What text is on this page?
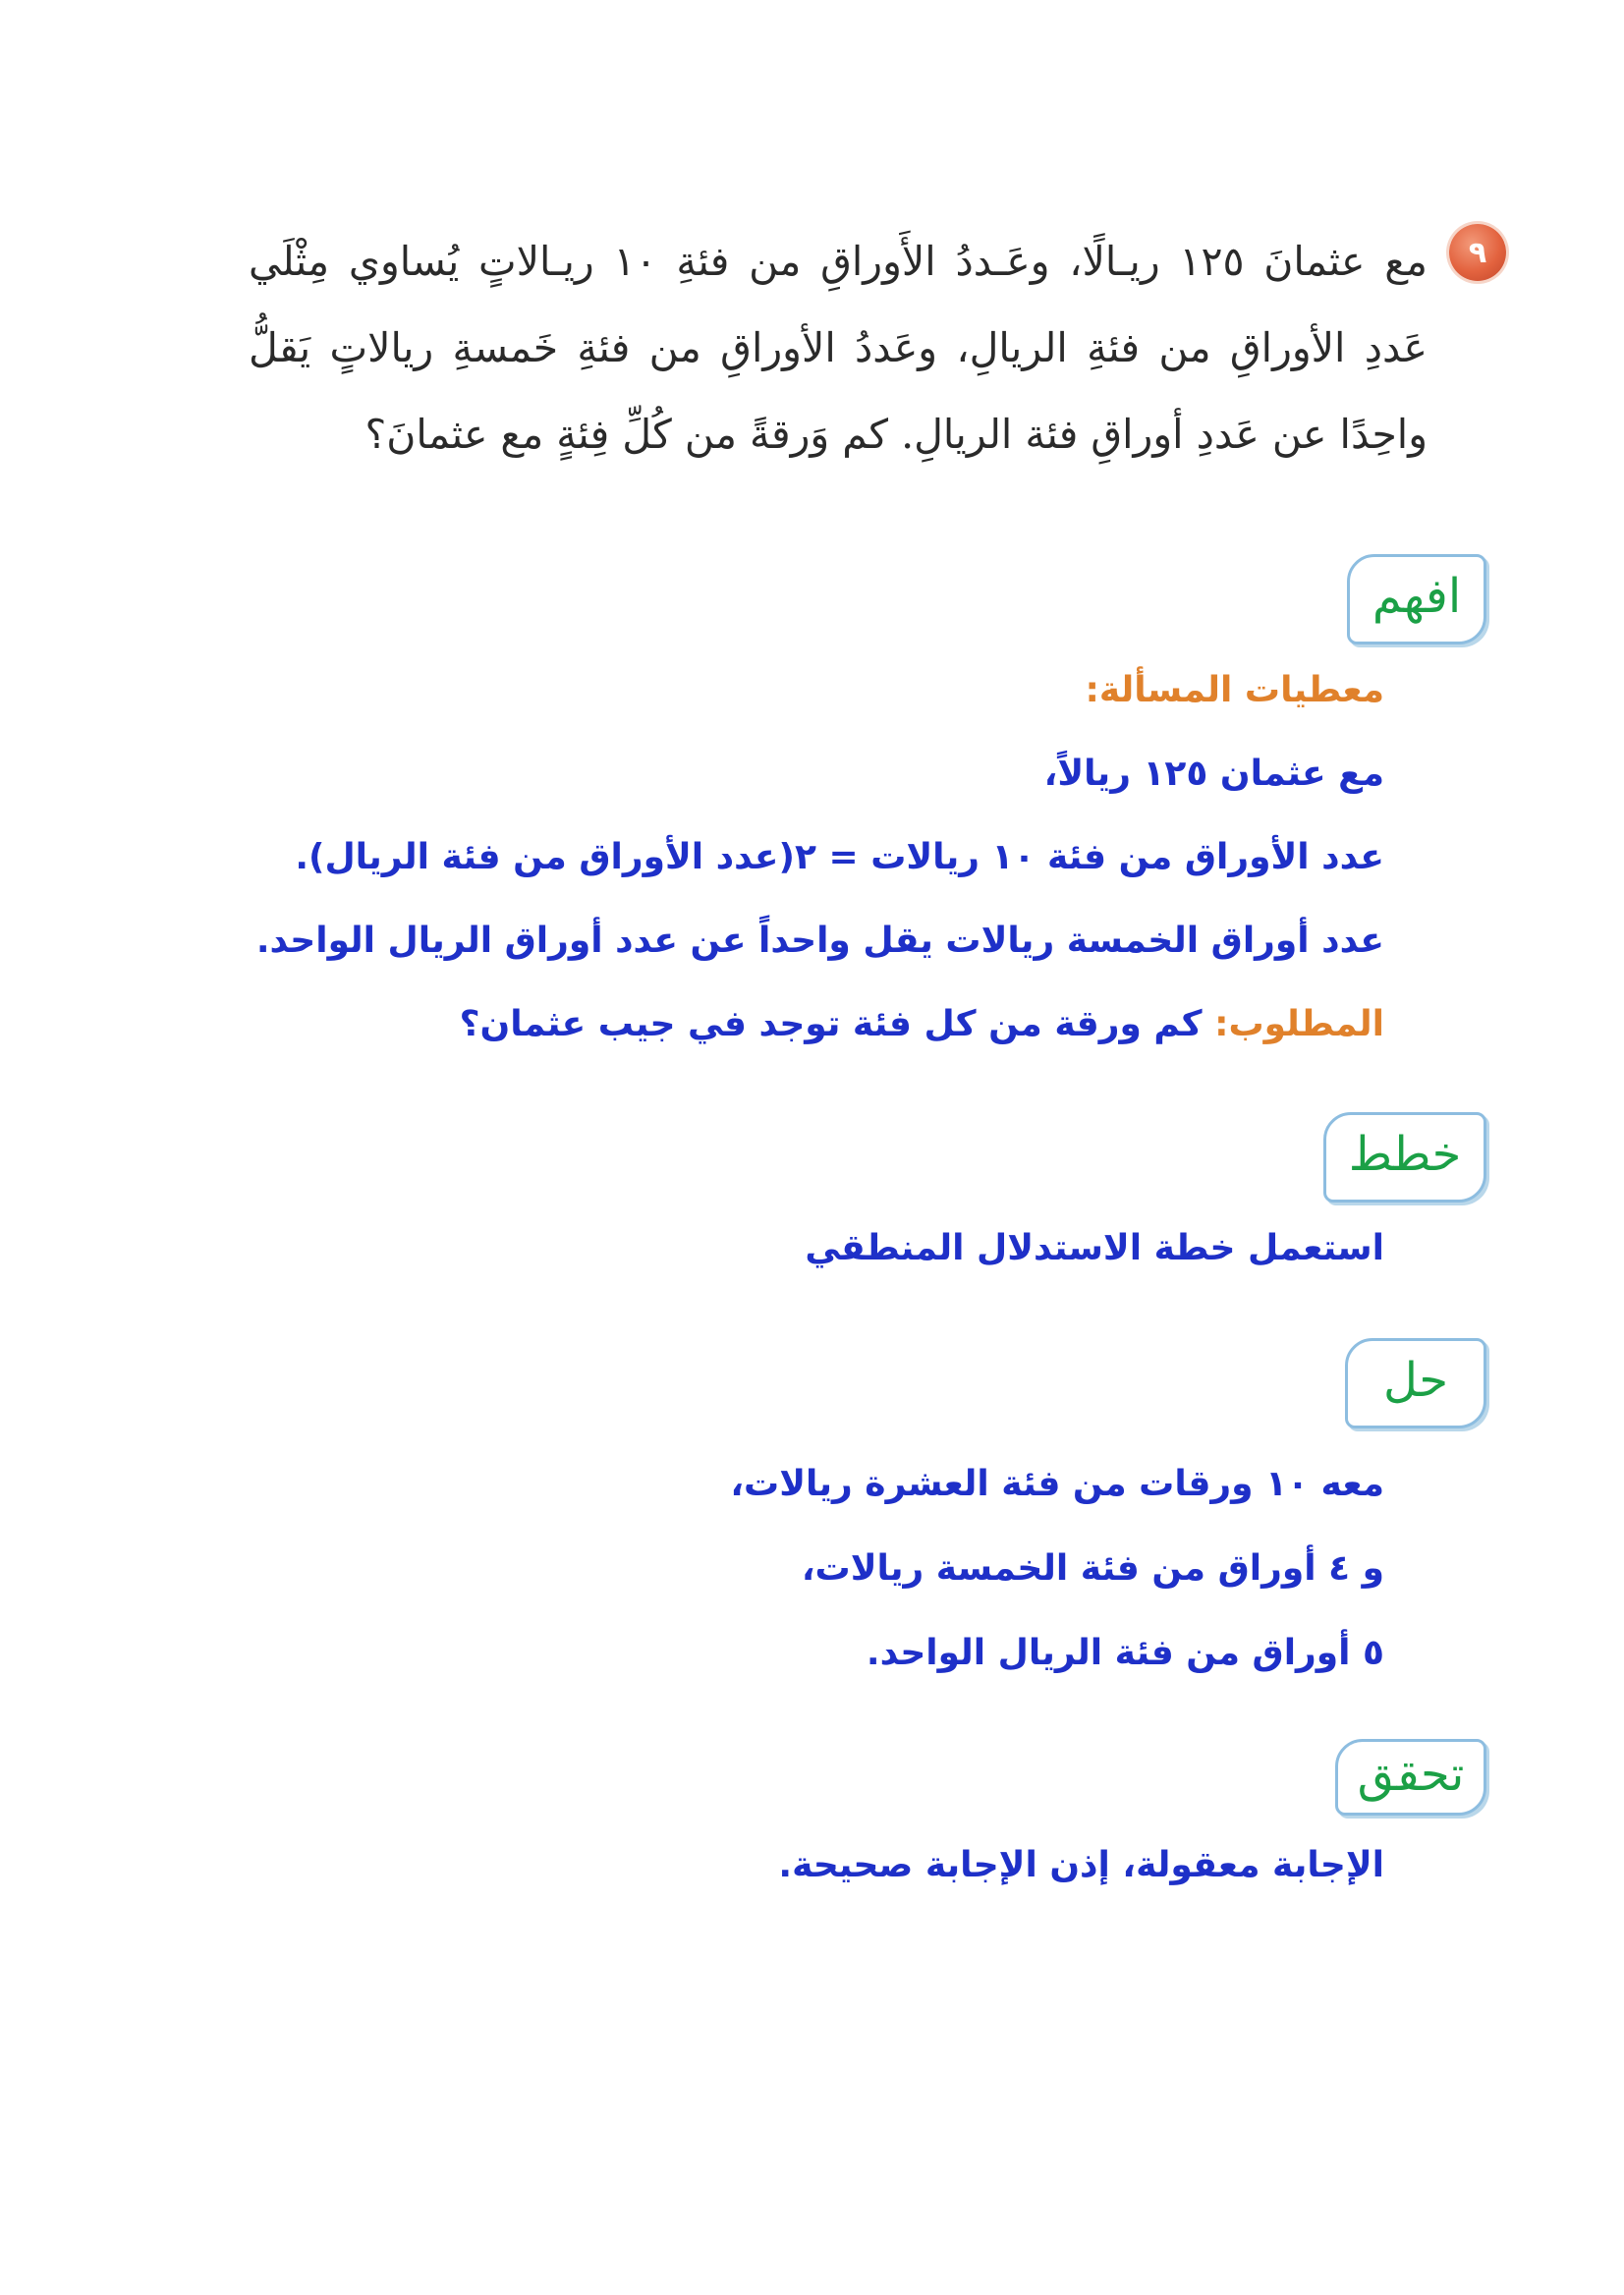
٩
مع عثمانَ ١٢٥ ريـالًا، وعَـددُ الأَوراقِ من فئةِ ١٠ ريـالاتٍ يُساوي مِثْلَي عَددِ الأوراقِ من فئةِ الريالِ، وعَددُ الأوراقِ من فئةِ خَمسةِ ريالاتٍ يَقلُّ واحِدًا عن عَددِ أوراقِ فئة الريالِ. كم وَرقةً من كُلِّ فِئةٍ مع عثمانَ؟
افهم
معطيات المسألة:
مع عثمان ١٢٥ ريالاً،
عدد الأوراق من فئة ١٠ ريالات = ٢(عدد الأوراق من فئة الريال).
عدد أوراق الخمسة ريالات يقل واحداً عن عدد أوراق الريال الواحد.
المطلوب: كم ورقة من كل فئة توجد في جيب عثمان؟
خطط
استعمل خطة الاستدلال المنطقي
حل
معه ١٠ ورقات من فئة العشرة ريالات،
و ٤ أوراق من فئة الخمسة ريالات،
٥ أوراق من فئة الريال الواحد.
تحقق
الإجابة معقولة، إذن الإجابة صحيحة.
